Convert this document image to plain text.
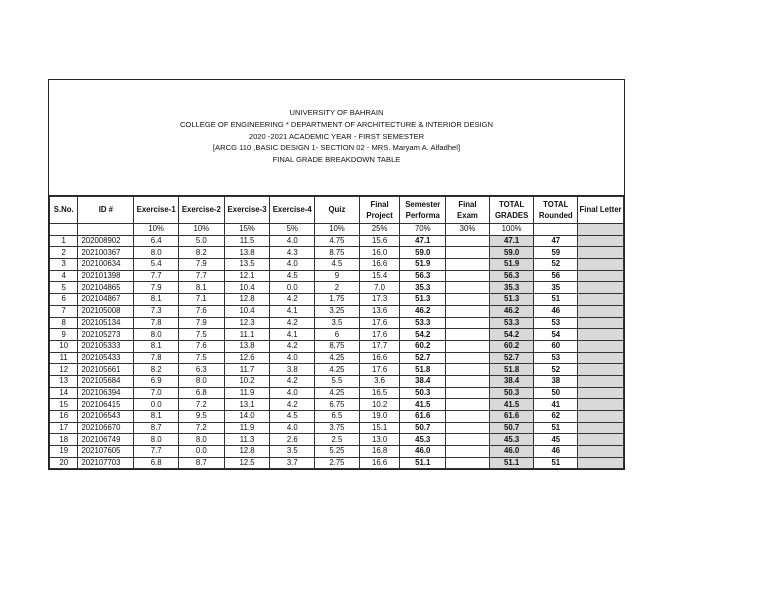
UNIVERSITY OF BAHRAIN
COLLEGE OF ENGINEERING * DEPARTMENT OF ARCHITECTURE & INTERIOR DESIGN
2020 -2021 ACADEMIC YEAR - FIRST SEMESTER
[ARCG 110 ,BASIC DESIGN 1- SECTION 02 - MRS. Maryam A. Alfadhel]
FINAL GRADE BREAKDOWN TABLE
S.No.	ID #	Exercise-1	Exercise-2	Exercise-3	Exercise-4	Quiz	Final Project	Semester Performa	Final Exam	TOTAL GRADES	TOTAL Rounded	Final Letter
		10%	10%	15%	5%	10%	25%	70%	30%	100%		
1	202008902	6.4	5.0	11.5	4.0	4.75	15.6	47.1		47.1	47	
2	202100367	8.0	8.2	13.8	4.3	8.75	16.0	59.0		59.0	59	
3	202100634	5.4	7.9	13.5	4.0	4.5	16.6	51.9		51.9	52	
4	202101398	7.7	7.7	12.1	4.5	9	15.4	56.3		56.3	56	
5	202104865	7.9	8.1	10.4	0.0	2	7.0	35.3		35.3	35	
6	202104867	8.1	7.1	12.8	4.2	1.75	17.3	51.3		51.3	51	
7	202105008	7.3	7.6	10.4	4.1	3.25	13.6	46.2		46.2	46	
8	202105134	7.8	7.9	12.3	4.2	3.5	17.6	53.3		53.3	53	
9	202105273	8.0	7.5	11.1	4.1	6	17.6	54.2		54.2	54	
10	202105333	8.1	7.6	13.8	4.2	8.75	17.7	60.2		60.2	60	
11	202105433	7.8	7.5	12.6	4.0	4.25	16.6	52.7		52.7	53	
12	202105661	8.2	6.3	11.7	3.8	4.25	17.6	51.8		51.8	52	
13	202105684	6.9	8.0	10.2	4.2	5.5	3.6	38.4		38.4	38	
14	202106394	7.0	6.8	11.9	4.0	4.25	16.5	50.3		50.3	50	
15	202106415	0.0	7.2	13.1	4.2	6.75	10.2	41.5		41.5	41	
16	202106543	8.1	9.5	14.0	4.5	6.5	19.0	61.6		61.6	62	
17	202106670	8.7	7.2	11.9	4.0	3.75	15.1	50.7		50.7	51	
18	202106749	8.0	8.0	11.3	2.6	2.5	13.0	45.3		45.3	45	
19	202107605	7.7	0.0	12.8	3.5	5.25	16.8	46.0		46.0	46	
20	202107703	6.8	8.7	12.5	3.7	2.75	16.6	51.1		51.1	51	
